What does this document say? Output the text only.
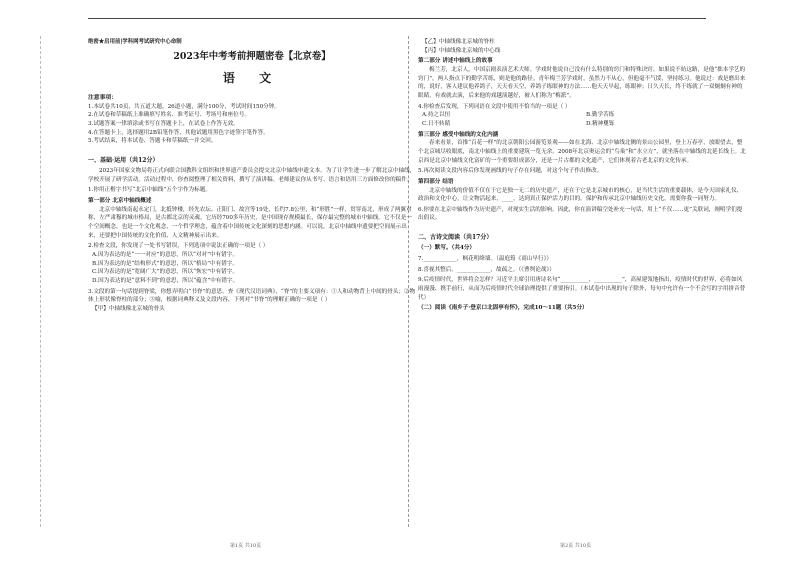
绝密★启用前|学科网考试研究中心命制
2023年中考考前押题密卷【北京卷】
语 文

注意事项：

1.本试卷共10页，共五道大题，26道小题，满分100分，考试时间150分钟。

2.在试卷和草稿纸上准确填写姓名、准考证号、考场号和座位号。

3.试题答案一律填涂或书写在答题卡上，在试卷上作答无效。

4.在答题卡上，选择题用2B铅笔作答，其他试题用黑色字迹签字笔作答。

5.考试结束，将本试卷、答题卡和草稿纸一并交回。

一、基础·运用（共12分）

2023年国家文物局将正式向联合国教科文组织和世界遗产委员会提交北京中轴线申遗文本。为了让学生进一步了解北京中轴线，学校开展了研学活动。活动过程中，你查阅整理了相关资料，撰写了演讲稿。老师建议你从书写、语言和语用三方面修改你的稿件。

1.你用正楷字书写“北京中轴线”五个字作为标题。

第一部分 北京中轴线概述

北京中轴线南起永定门，北抵钟楼，经先农坛、正阳门、故宫等19处，长约7.8公里，和“形胜”一样，贯穿南北，形成了两翼对称，左严肃穆的城市格局，是古都北京的灵魂。它历经700多年历史，是中国现存规模最长，保存最完整的城市中轴线。它不仅是一个空间概念，也是一个文化观念，一个哲学理念，蕴含着中国传统文化深刻的思想内涵。可以说，北京中轴线申遗要把空间展示出来，还要把中国传统的文化价值、人文精神展示出来。

2.检查文段，你发现了一处书写错误，下列选项中说法正确的一项是（ ）

A.因为表达的是“一一对应”的意思，所以“对对”中有错字。

B.因为表达的是“结构形式”的意思，所以“格局”中有错字。

C.因为表达的是“宽阔广大”的意思，所以“恢宏”中有错字。

D.因为表达的是“意料不到”的意思，所以“蕴含”中有错字。

3.文段的第一句话提到脊梁，你想弄明白“书脊”的意思。查《现代汉语词典》，“脊”的主要义项有：①人和动物背上中间的骨头；②物体上形状像脊柱的部分；③喻，根据词典释义及文段内容，下列对“书脊”的理解正确的一项是（ ）

【甲】中轴线像北京城的骨头

【乙】中轴线像北京城的脊柱

【丙】中轴线像北京城的中心线

第二部分 讲述中轴线上的故事

梅兰芳，北京人，中国京剧表演艺术大师。学戏时他说自己没有什么特别的窍门和特殊诀窍。如果说不妨这路，是他“拙本学艺的窍门”，两人指点下的勤学苦练，则是他的路径。青年梅兰芳学戏时，虽然力不从心，但他毫不气馁，坚持练习。他说过：戏是磨出来的，说好，客人建议他养鸽子，天天看天空，养鸽子练眼神的方法……他天天早起，练眼神；日久天长，终于练就了一双炯炯有神的眼睛，有戏就去演，后来他的戏越演越好，被人们称为“梅派”。

4.你检查后发现，下列词语在文段中使用不恰当的一项是（ ）

A.持之以恒	B.勤学苦练

C.日不转睛	D.精神矍铄

第三部分 感受中轴线的文化内涵

春来看景，首推“百花一样”的北京朝阳公园游览景观——如在北海、北京中轴线北侧的景山公园里，登上万春亭，放眼望去，整个北京城尽收眼底，南北中轴线上的重要建筑一览无余。2008年北京奥运会的“鸟巢”和“水立方”，就坐落在中轴线的北延长线上。北京西是北京中轴线文化富矿的一个重要组成部分，还是一片古都的文化遗产，它们体现着古老北京的文化传承。

5.再次阅读文段内容后你发现画线的句子存在问题，对这个句子作出修改。

第四部分 结语

北京中轴线的价值不仅在于它是独一无二的历史遗产，还在于它是北京城市的核心，是当代生活的重要载体，是今天国家礼仪、政治和文化中心，让文物活起来，____，达到真正保护活力的目的。保护和传承北京中轴线历史文化，需要你我一同努力。

6.你要在北京中轴线作为历史遗产，对现实生活的影响。因此，你在演讲稿空处补充一句话，用上“不仅……更”关联词，阐明学们提出倡议。

二、古诗文阅读（共17分）

（一）默写。（共4分）

7.____________，枫花明绛墙。（温庭筠《商山早行》）

8.喜视其整后，____________，故疏之。（《曹刿论战》）

9.后疫情时代，世界将会怎样？习近平主席引用唐诗名句“__________，__________”，高屋建瓴地指出，疫情时代的世界，必将如风雨漫漫、携手前行，从而为后疫情时代全球治理提供了重要指引。（本试卷中出现的句子除外，每句中允许有一个不会写的字用拼音替代）

（二）阅读《南乡子·登京口北固亭有怀》，完成10～11题（共5分）

第1页 共10页	第2页 共10页
